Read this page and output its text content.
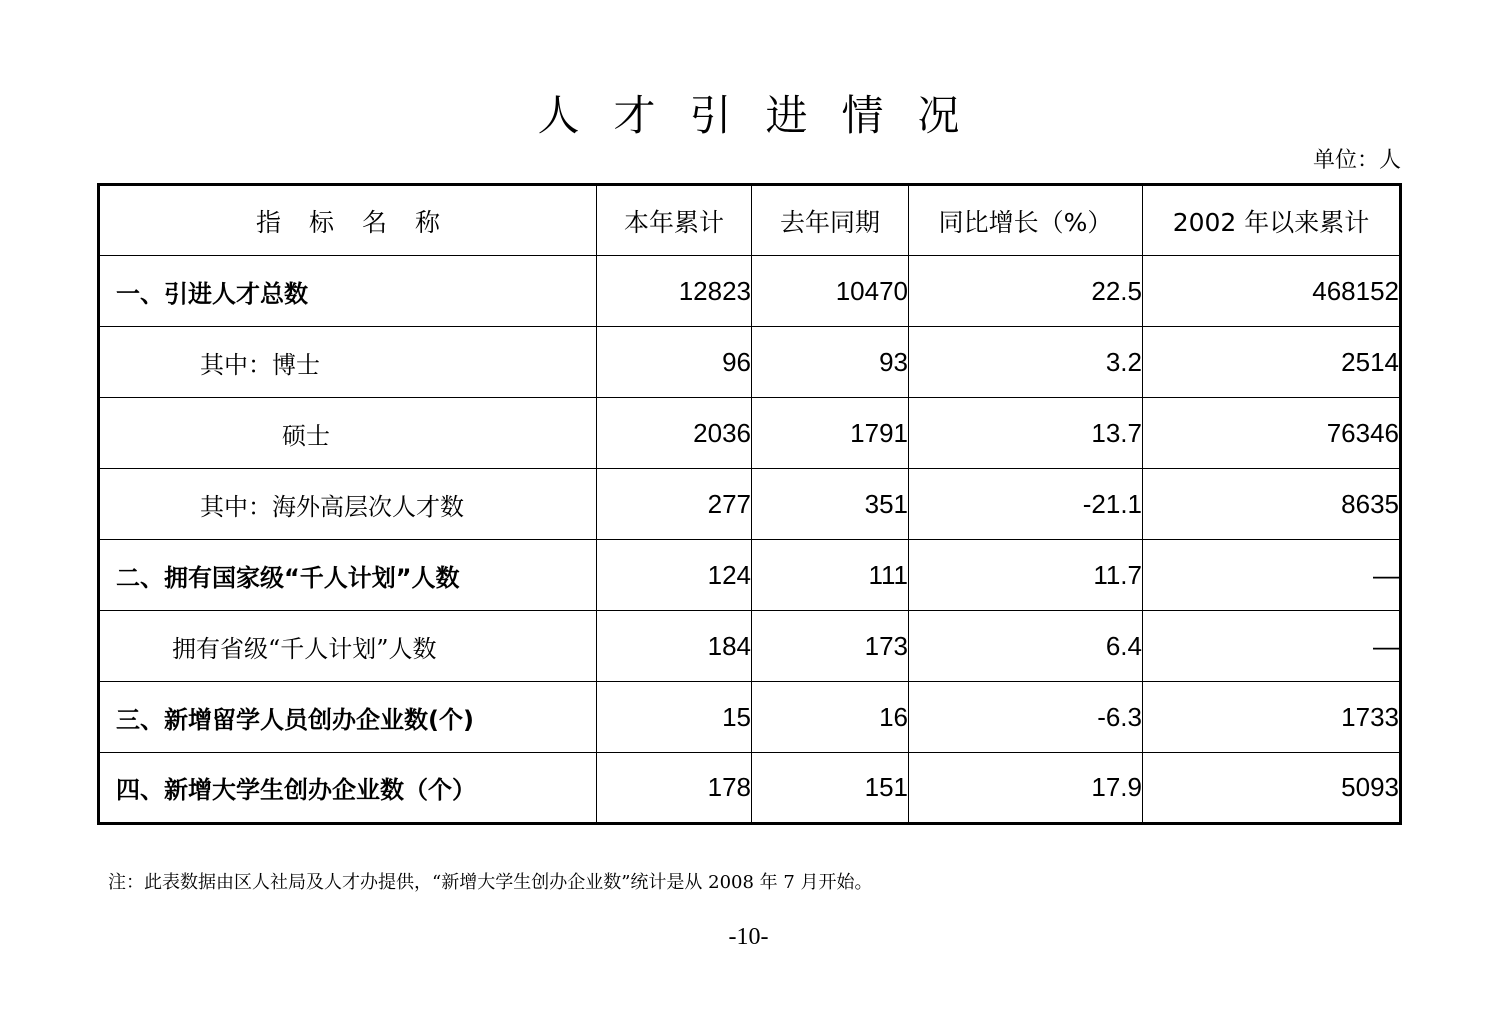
人才引进情况
单位：人
指标名称	本年累计	去年同期	同比增长（%）	2002 年以来累计
一、引进人才总数	12823	10470	22.5	468152
其中：博士	96	93	3.2	2514
硕士	2036	1791	13.7	76346
其中：海外高层次人才数	277	351	-21.1	8635
二、拥有国家级“千人计划”人数	124	111	11.7	—
拥有省级“千人计划”人数	184	173	6.4	—
三、新增留学人员创办企业数(个)	15	16	-6.3	1733
四、新增大学生创办企业数（个）	178	151	17.9	5093
注：此表数据由区人社局及人才办提供，“新增大学生创办企业数”统计是从 2008 年 7 月开始。
-10-
